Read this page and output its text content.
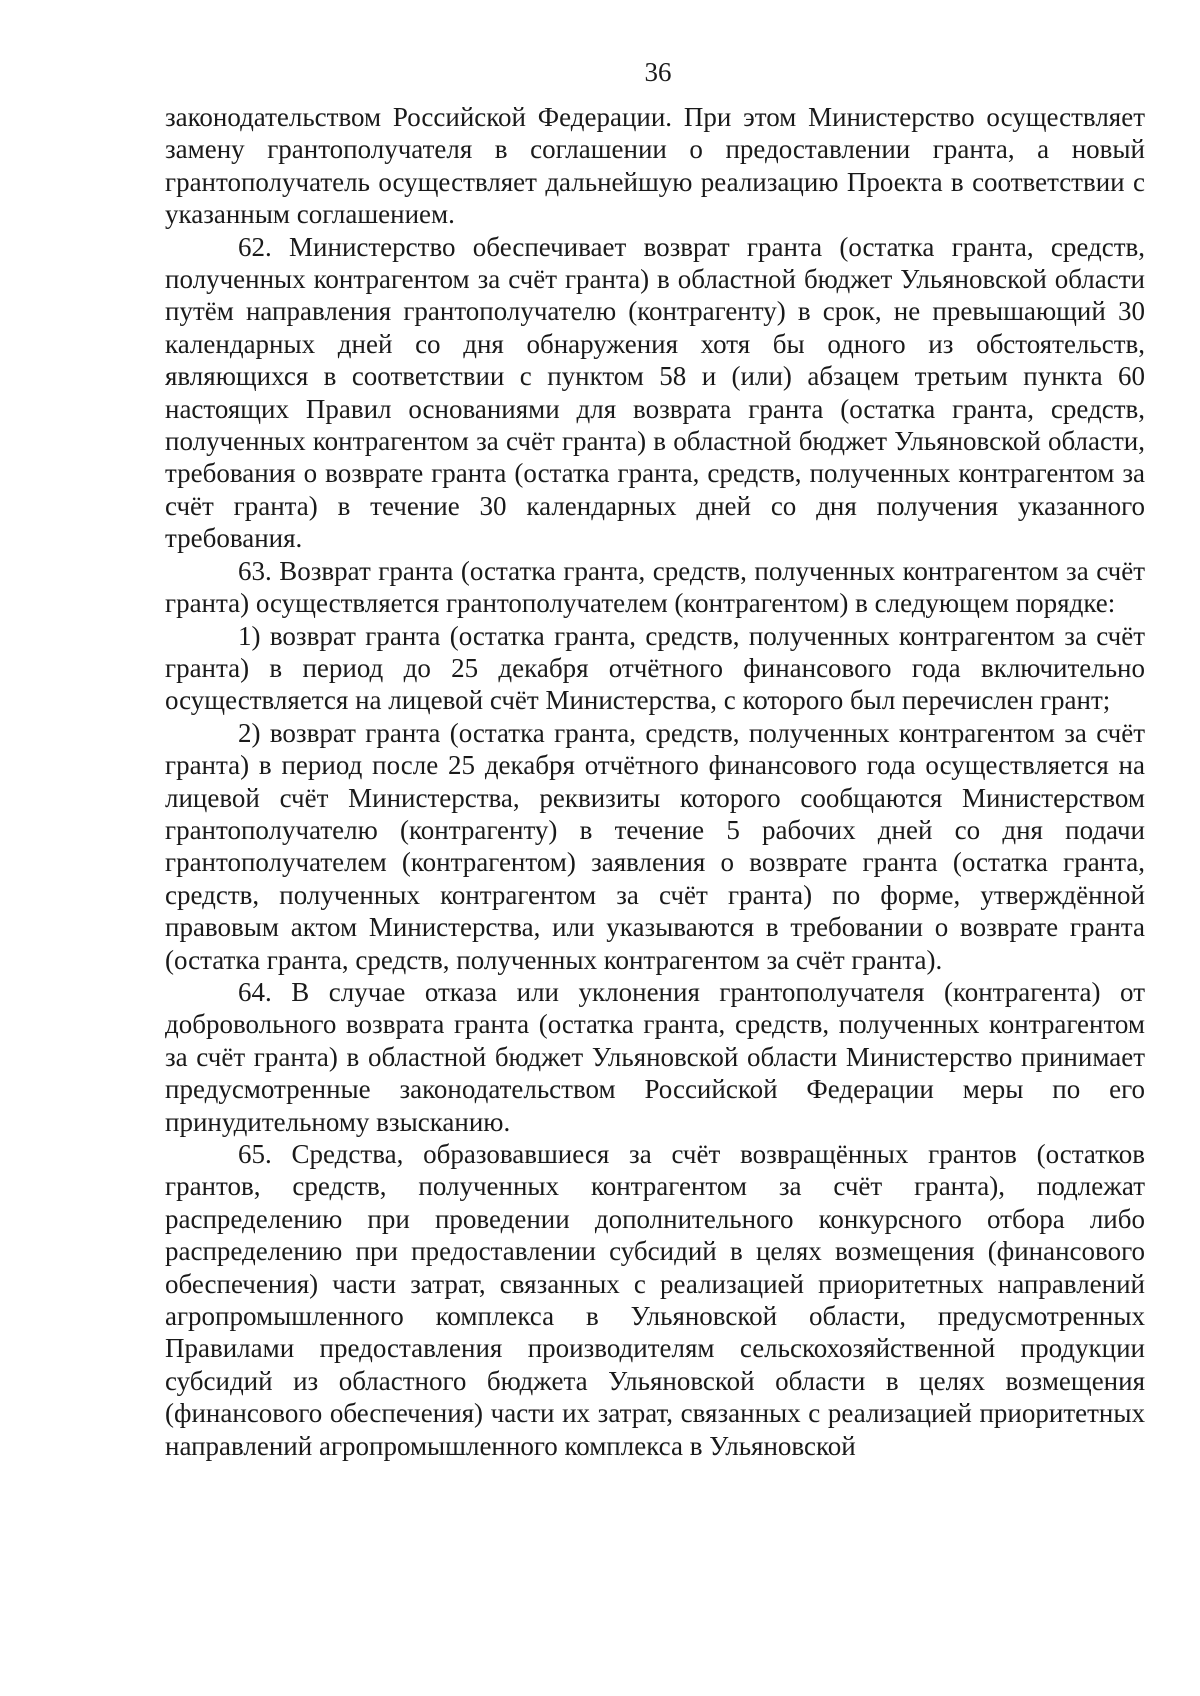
36

законодательством Российской Федерации. При этом Министерство осуществляет замену грантополучателя в соглашении о предоставлении гранта, а новый грантополучатель осуществляет дальнейшую реализацию Проекта в соответствии с указанным соглашением.

62. Министерство обеспечивает возврат гранта (остатка гранта, средств, полученных контрагентом за счёт гранта) в областной бюджет Ульяновской области путём направления грантополучателю (контрагенту) в срок, не превышающий 30 календарных дней со дня обнаружения хотя бы одного из обстоятельств, являющихся в соответствии с пунктом 58 и (или) абзацем третьим пункта 60 настоящих Правил основаниями для возврата гранта (остатка гранта, средств, полученных контрагентом за счёт гранта) в областной бюджет Ульяновской области, требования о возврате гранта (остатка гранта, средств, полученных контрагентом за счёт гранта) в течение 30 календарных дней со дня получения указанного требования.

63. Возврат гранта (остатка гранта, средств, полученных контрагентом за счёт гранта) осуществляется грантополучателем (контрагентом) в следующем порядке:

1) возврат гранта (остатка гранта, средств, полученных контрагентом за счёт гранта) в период до 25 декабря отчётного финансового года включительно осуществляется на лицевой счёт Министерства, с которого был перечислен грант;

2) возврат гранта (остатка гранта, средств, полученных контрагентом за счёт гранта) в период после 25 декабря отчётного финансового года осуществляется на лицевой счёт Министерства, реквизиты которого сообщаются Министерством грантополучателю (контрагенту) в течение 5 рабочих дней со дня подачи грантополучателем (контрагентом) заявления о возврате гранта (остатка гранта, средств, полученных контрагентом за счёт гранта) по форме, утверждённой правовым актом Министерства, или указываются в требовании о возврате гранта (остатка гранта, средств, полученных контрагентом за счёт гранта).

64. В случае отказа или уклонения грантополучателя (контрагента) от добровольного возврата гранта (остатка гранта, средств, полученных контрагентом за счёт гранта) в областной бюджет Ульяновской области Министерство принимает предусмотренные законодательством Российской Федерации меры по его принудительному взысканию.

65. Средства, образовавшиеся за счёт возвращённых грантов (остатков грантов, средств, полученных контрагентом за счёт гранта), подлежат распределению при проведении дополнительного конкурсного отбора либо распределению при предоставлении субсидий в целях возмещения (финансового обеспечения) части затрат, связанных с реализацией приоритетных направлений агропромышленного комплекса в Ульяновской области, предусмотренных Правилами предоставления производителям сельскохозяйственной продукции субсидий из областного бюджета Ульяновской области в целях возмещения (финансового обеспечения) части их затрат, связанных с реализацией приоритетных направлений агропромышленного комплекса в Ульяновской
